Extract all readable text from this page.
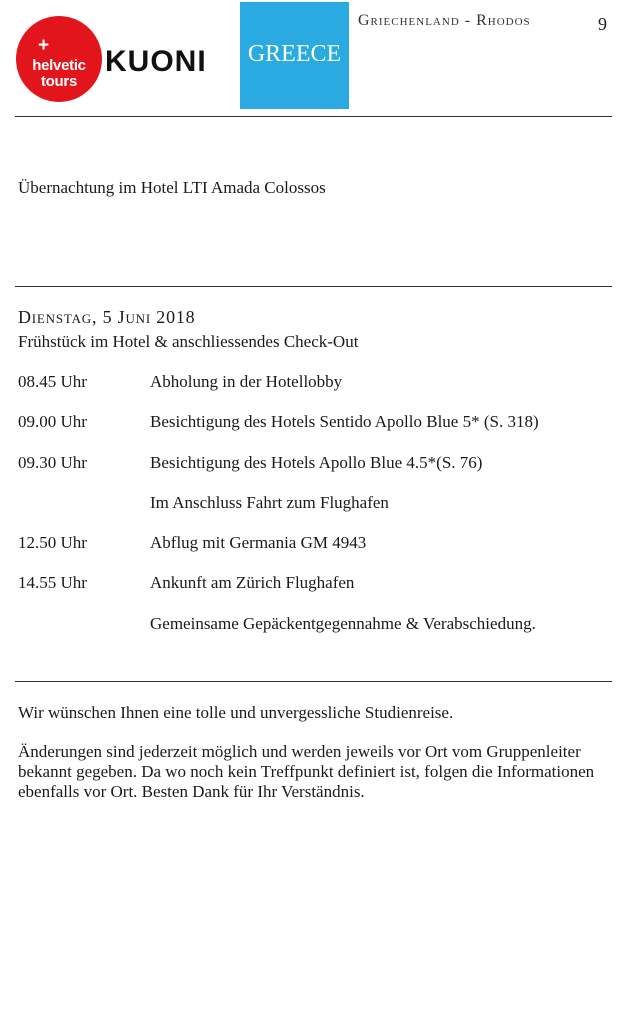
+
helvetic
tours
KUONI	GREECE
Griechenland - Rhodos	9
Übernachtung im Hotel LTI Amada Colossos
Dienstag, 5 Juni 2018
Frühstück im Hotel & anschliessendes Check-Out
08.45 Uhr	Abholung in der Hotellobby
09.00 Uhr	Besichtigung des Hotels Sentido Apollo Blue 5* (S. 318)
09.30 Uhr	Besichtigung des Hotels Apollo Blue 4.5*(S. 76)
Im Anschluss Fahrt zum Flughafen
12.50 Uhr	Abflug mit Germania GM 4943
14.55 Uhr	Ankunft am Zürich Flughafen
Gemeinsame Gepäckentgegennahme & Verabschiedung.
Wir wünschen Ihnen eine tolle und unvergessliche Studienreise.
Änderungen sind jederzeit möglich und werden jeweils vor Ort vom Gruppenleiter bekannt gegeben. Da wo noch kein Treffpunkt definiert ist, folgen die Informationen ebenfalls vor Ort. Besten Dank für Ihr Verständnis.
